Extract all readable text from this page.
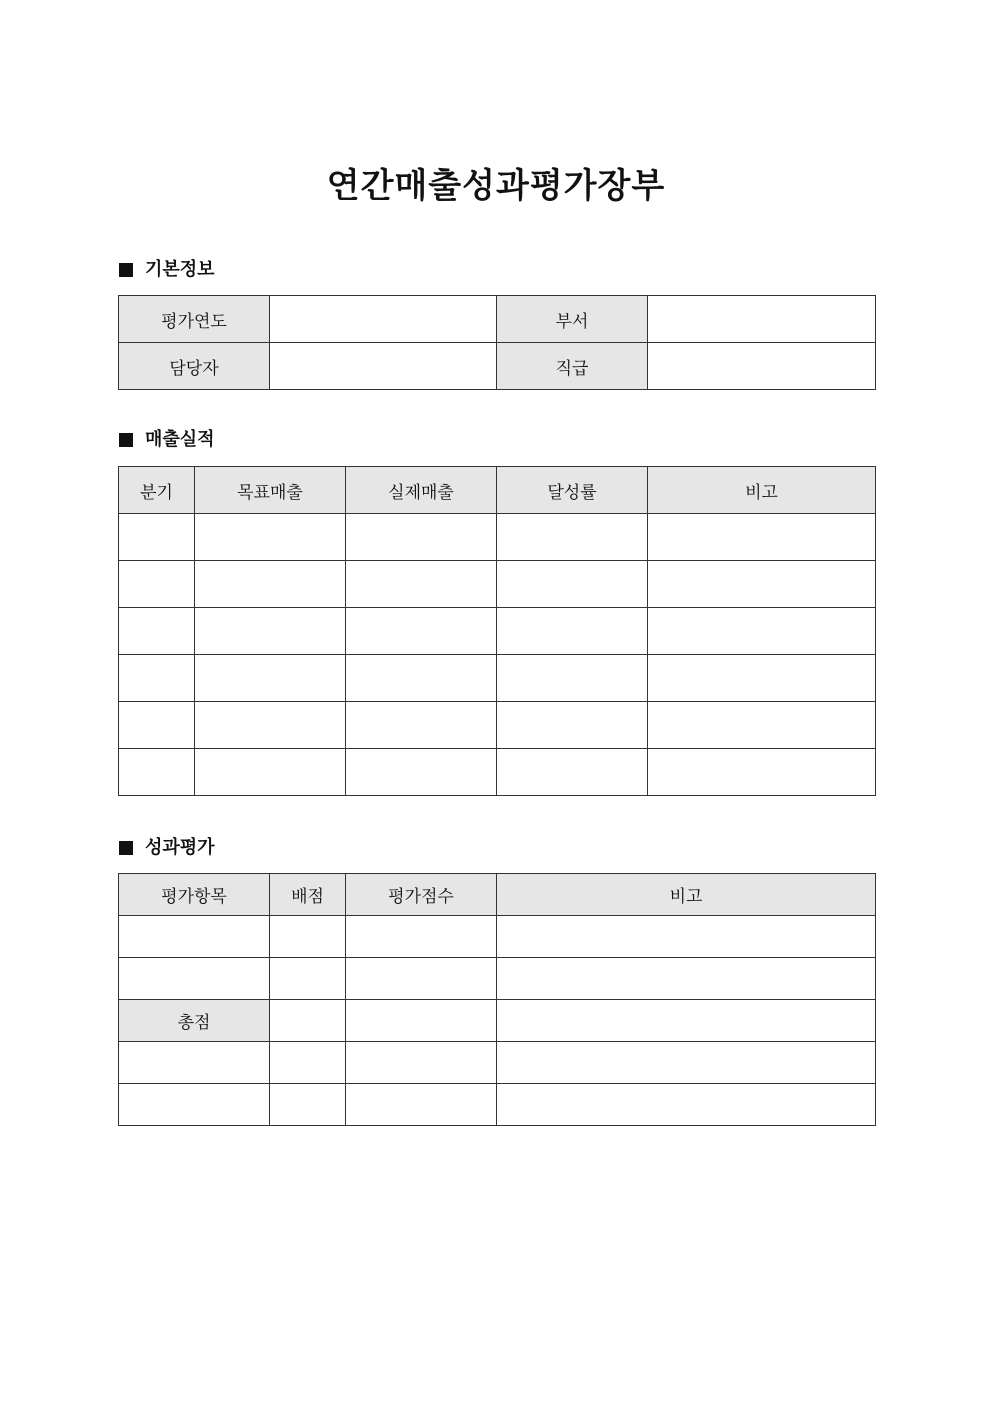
연간매출성과평가장부
기본정보
평가연도		부서	
담당자		직급	
매출실적
분기	목표매출	실제매출	달성률	비고

성과평가
평가항목	배점	평가점수	비고

총점			
